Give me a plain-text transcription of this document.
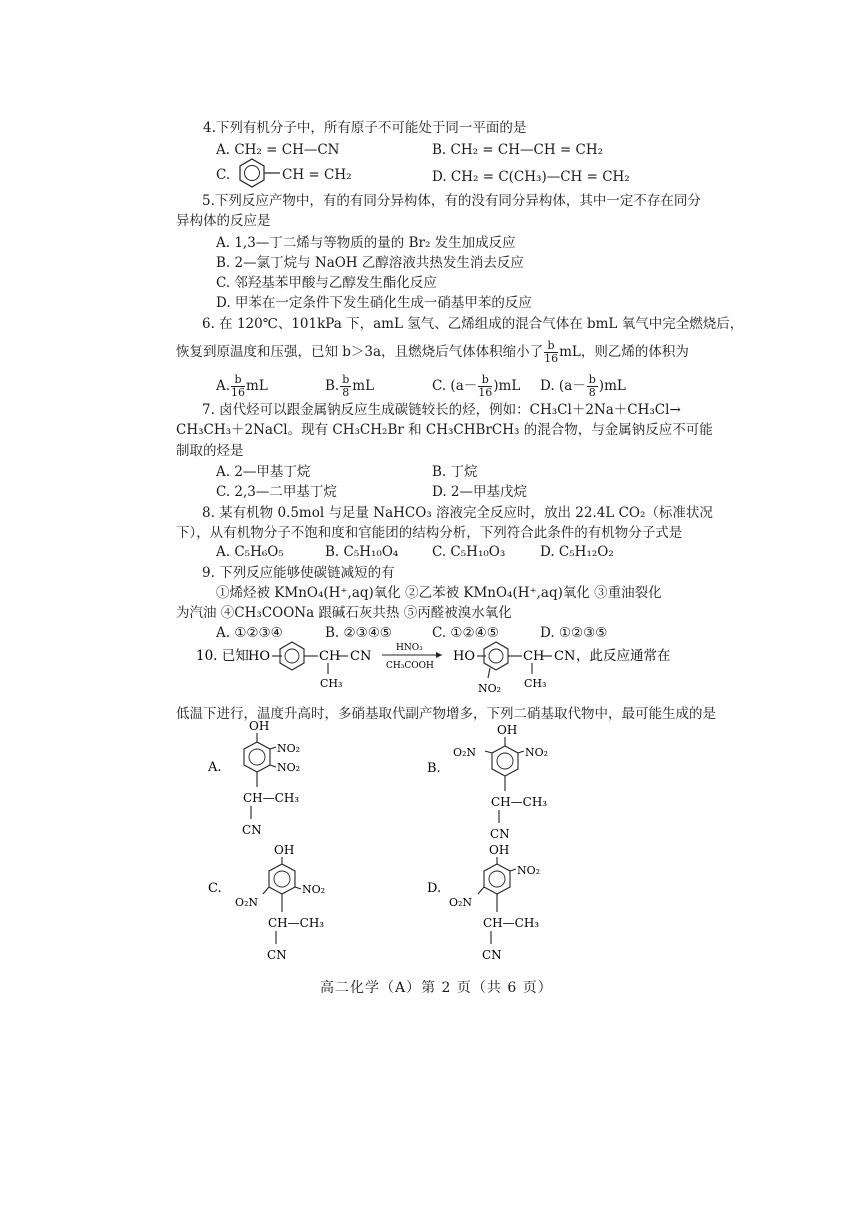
4.下列有机分子中，所有原子不可能处于同一平面的是
A. CH₂ = CH—CN	B. CH₂ = CH—CH = CH₂
C.	CH = CH₂	D. CH₂ = C(CH₃)—CH = CH₂
5.下列反应产物中，有的有同分异构体，有的没有同分异构体，其中一定不存在同分
异构体的反应是
A. 1,3—丁二烯与等物质的量的 Br₂ 发生加成反应
B. 2—氯丁烷与 NaOH 乙醇溶液共热发生消去反应
C. 邻羟基苯甲酸与乙醇发生酯化反应
D. 甲苯在一定条件下发生硝化生成一硝基甲苯的反应
6. 在 120℃、101kPa 下，amL 氢气、乙烯组成的混合气体在 bmL 氧气中完全燃烧后，
恢复到原温度和压强，已知 b＞3a，且燃烧后气体体积缩小了 $\frac{b}{16}$ mL，则乙烯的体积为
A. $\frac{b}{16}$ mL	B. $\frac{b}{8}$ mL	C. $(a- \frac{b}{16} )mL$ D. $(a- \frac{b}{8} )mL$
7. 卤代烃可以跟金属钠反应生成碳链较长的烃，例如：CH₃Cl＋2Na＋CH₃Cl→
CH₃CH₃＋2NaCl。现有 CH₃CH₂Br 和 CH₃CHBrCH₃ 的混合物，与金属钠反应不可能
制取的烃是
A. 2—甲基丁烷	B. 丁烷
C. 2,3—二甲基丁烷	D. 2—甲基戊烷
8. 某有机物 0.5mol 与足量 NaHCO₃ 溶液完全反应时，放出 22.4L CO₂（标准状况
下），从有机物分子不饱和度和官能团的结构分析，下列符合此条件的有机物分子式是
A. C₅H₆O₅	B. C₅H₁₀O₄ C. C₅H₁₀O₃	D. C₅H₁₂O₂
9. 下列反应能够使碳链减短的有
①烯烃被 KMnO₄(H⁺,aq)氧化 ②乙苯被 KMnO₄(H⁺,aq)氧化 ③重油裂化
为汽油 ④CH₃COONa 跟碱石灰共热 ⑤丙醛被溴水氧化
A. ①②③④	B. ②③④⑤	C. ①②④⑤	D. ①②③⑤
10. 已知 HO	CH CN
CH₃
HNO₃
CH₃COOH
HO
NO₂
CH CN
CH₃
，此反应通常在
低温下进行，温度升高时，多硝基取代副产物增多，下列二硝基取代物中，最可能生成的是
A.
OH
NO₂
NO₂
CH—CH₃
CN
B.
OH
O₂N	NO₂
CH—CH₃
CN
C.
OH
NO₂
O₂N
CH—CH₃
CN
D.
OH
NO₂
O₂N
CH—CH₃
CN
高二化学（A）第 2 页（共 6 页）
